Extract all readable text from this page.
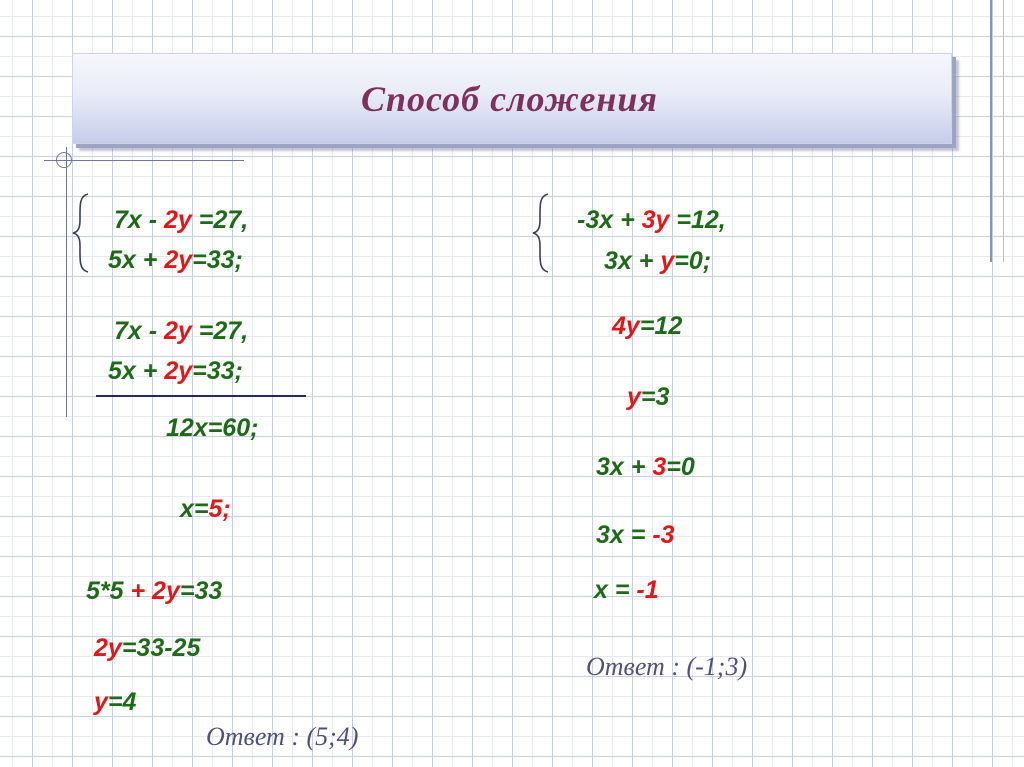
Способ сложения
7x - 2y =27,
5x + 2y=33;
7x - 2y =27,
5x + 2y=33;
12x=60;
x=5;
5*5 + 2y=33
2y=33-25
y=4
Ответ : (5;4)
-3x + 3y =12,
3x + y=0;
4y=12
y=3
3x + 3=0
3x = -3
x = -1
Ответ : (-1;3)
